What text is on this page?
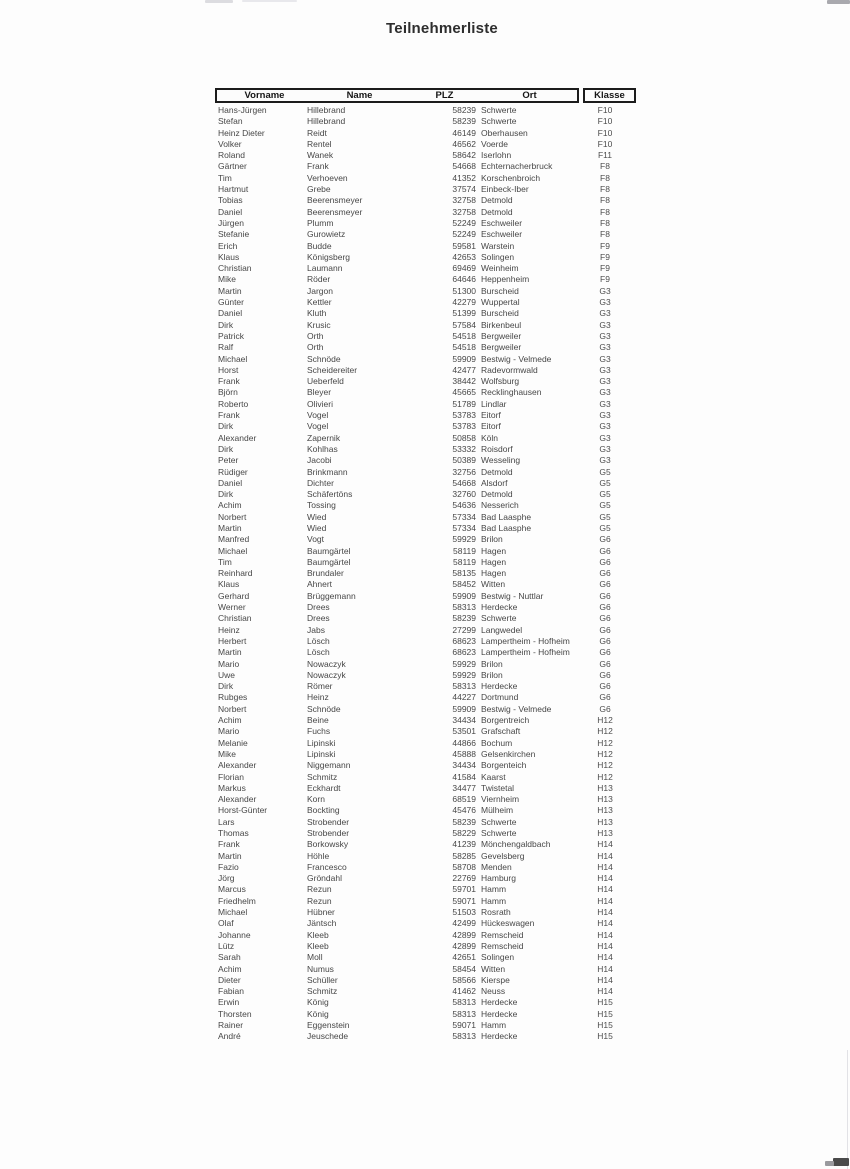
Teilnehmerliste
Vorname	Name	PLZ	Ort	Klasse
Hans-Jürgen	Hillebrand	58239 Schwerte	F10
Stefan	Hillebrand	58239 Schwerte	F10
Heinz Dieter	Reidt	46149 Oberhausen	F10
Volker	Rentel	46562 Voerde	F10
Roland	Wanek	58642 Iserlohn	F11
Gärtner	Frank	54668 Echternacherbruck	F8
Tim	Verhoeven	41352 Korschenbroich	F8
Hartmut	Grebe	37574 Einbeck-Iber	F8
Tobias	Beerensmeyer	32758 Detmold	F8
Daniel	Beerensmeyer	32758 Detmold	F8
Jürgen	Plumm	52249 Eschweiler	F8
Stefanie	Gurowietz	52249 Eschweiler	F8
Erich	Budde	59581 Warstein	F9
Klaus	Königsberg	42653 Solingen	F9
Christian	Laumann	69469 Weinheim	F9
Mike	Röder	64646 Heppenheim	F9
Martin	Jargon	51300 Burscheid	G3
Günter	Kettler	42279 Wuppertal	G3
Daniel	Kluth	51399 Burscheid	G3
Dirk	Krusic	57584 Birkenbeul	G3
Patrick	Orth	54518 Bergweiler	G3
Ralf	Orth	54518 Bergweiler	G3
Michael	Schnöde	59909 Bestwig - Velmede	G3
Horst	Scheidereiter	42477 Radevormwald	G3
Frank	Ueberfeld	38442 Wolfsburg	G3
Björn	Bleyer	45665 Recklinghausen	G3
Roberto	Olivieri	51789 Lindlar	G3
Frank	Vogel	53783 Eitorf	G3
Dirk	Vogel	53783 Eitorf	G3
Alexander	Zapernik	50858 Köln	G3
Dirk	Kohlhas	53332 Roisdorf	G3
Peter	Jacobi	50389 Wesseling	G3
Rüdiger	Brinkmann	32756 Detmold	G5
Daniel	Dichter	54668 Alsdorf	G5
Dirk	Schäfertöns	32760 Detmold	G5
Achim	Tossing	54636 Nesserich	G5
Norbert	Wied	57334 Bad Laasphe	G5
Martin	Wied	57334 Bad Laasphe	G5
Manfred	Vogt	59929 Brilon	G6
Michael	Baumgärtel	58119 Hagen	G6
Tim	Baumgärtel	58119 Hagen	G6
Reinhard	Brundaler	58135 Hagen	G6
Klaus	Ahnert	58452 Witten	G6
Gerhard	Brüggemann	59909 Bestwig - Nuttlar	G6
Werner	Drees	58313 Herdecke	G6
Christian	Drees	58239 Schwerte	G6
Heinz	Jabs	27299 Langwedel	G6
Herbert	Lösch	68623 Lampertheim - Hofheim	G6
Martin	Lösch	68623 Lampertheim - Hofheim	G6
Mario	Nowaczyk	59929 Brilon	G6
Uwe	Nowaczyk	59929 Brilon	G6
Dirk	Römer	58313 Herdecke	G6
Rubges	Heinz	44227 Dortmund	G6
Norbert	Schnöde	59909 Bestwig - Velmede	G6
Achim	Beine	34434 Borgentreich	H12
Mario	Fuchs	53501 Grafschaft	H12
Melanie	Lipinski	44866 Bochum	H12
Mike	Lipinski	45888 Gelsenkirchen	H12
Alexander	Niggemann	34434 Borgenteich	H12
Florian	Schmitz	41584 Kaarst	H12
Markus	Eckhardt	34477 Twistetal	H13
Alexander	Korn	68519 Viernheim	H13
Horst-Günter	Bockting	45476 Mülheim	H13
Lars	Strobender	58239 Schwerte	H13
Thomas	Strobender	58229 Schwerte	H13
Frank	Borkowsky	41239 Mönchengaldbach	H14
Martin	Höhle	58285 Gevelsberg	H14
Fazio	Francesco	58708 Menden	H14
Jörg	Gröndahl	22769 Hamburg	H14
Marcus	Rezun	59701 Hamm	H14
Friedhelm	Rezun	59071 Hamm	H14
Michael	Hübner	51503 Rosrath	H14
Olaf	Jäntsch	42499 Hückeswagen	H14
Johanne	Kleeb	42899 Remscheid	H14
Lütz	Kleeb	42899 Remscheid	H14
Sarah	Moll	42651 Solingen	H14
Achim	Numus	58454 Witten	H14
Dieter	Schüller	58566 Kierspe	H14
Fabian	Schmitz	41462 Neuss	H14
Erwin	König	58313 Herdecke	H15
Thorsten	König	58313 Herdecke	H15
Rainer	Eggenstein	59071 Hamm	H15
André	Jeuschede	58313 Herdecke	H15
